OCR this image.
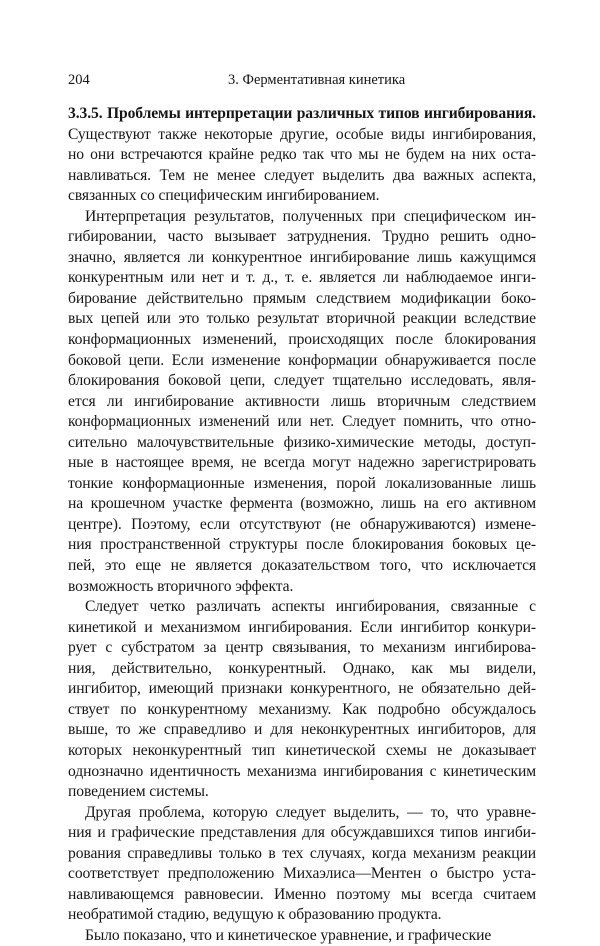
204	3. Ферментативная кинетика
3.3.5. Проблемы интерпретации различных типов ингибирования.
Существуют также некоторые другие, особые виды ингибирования,
но они встречаются крайне редко так что мы не будем на них оста-
навливаться. Тем не менее следует выделить два важных аспекта,
связанных со специфическим ингибированием.
Интерпретация результатов, полученных при специфическом ин-
гибировании, часто вызывает затруднения. Трудно решить одно-
значно, является ли конкурентное ингибирование лишь кажущимся
конкурентным или нет и т. д., т. е. является ли наблюдаемое инги-
бирование действительно прямым следствием модификации боко-
вых цепей или это только результат вторичной реакции вследствие
конформационных изменений, происходящих после блокирования
боковой цепи. Если изменение конформации обнаруживается после
блокирования боковой цепи, следует тщательно исследовать, явля-
ется ли ингибирование активности лишь вторичным следствием
конформационных изменений или нет. Следует помнить, что отно-
сительно малочувствительные физико-химические методы, доступ-
ные в настоящее время, не всегда могут надежно зарегистрировать
тонкие конформационные изменения, порой локализованные лишь
на крошечном участке фермента (возможно, лишь на его активном
центре). Поэтому, если отсутствуют (не обнаруживаются) измене-
ния пространственной структуры после блокирования боковых це-
пей, это еще не является доказательством того, что исключается
возможность вторичного эффекта.
Следует четко различать аспекты ингибирования, связанные с
кинетикой и механизмом ингибирования. Если ингибитор конкури-
рует с субстратом за центр связывания, то механизм ингибирова-
ния, действительно, конкурентный. Однако, как мы видели,
ингибитор, имеющий признаки конкурентного, не обязательно дей-
ствует по конкурентному механизму. Как подробно обсуждалось
выше, то же справедливо и для неконкурентных ингибиторов, для
которых неконкурентный тип кинетической схемы не доказывает
однозначно идентичность механизма ингибирования с кинетическим
поведением системы.
Другая проблема, которую следует выделить, — то, что уравне-
ния и графические представления для обсуждавшихся типов ингиби-
рования справедливы только в тех случаях, когда механизм реакции
соответствует предположению Михаэлиса—Ментен о быстро уста-
навливающемся равновесии. Именно поэтому мы всегда считаем
необратимой стадию, ведущую к образованию продукта.
Было показано, что и кинетическое уравнение, и графические
